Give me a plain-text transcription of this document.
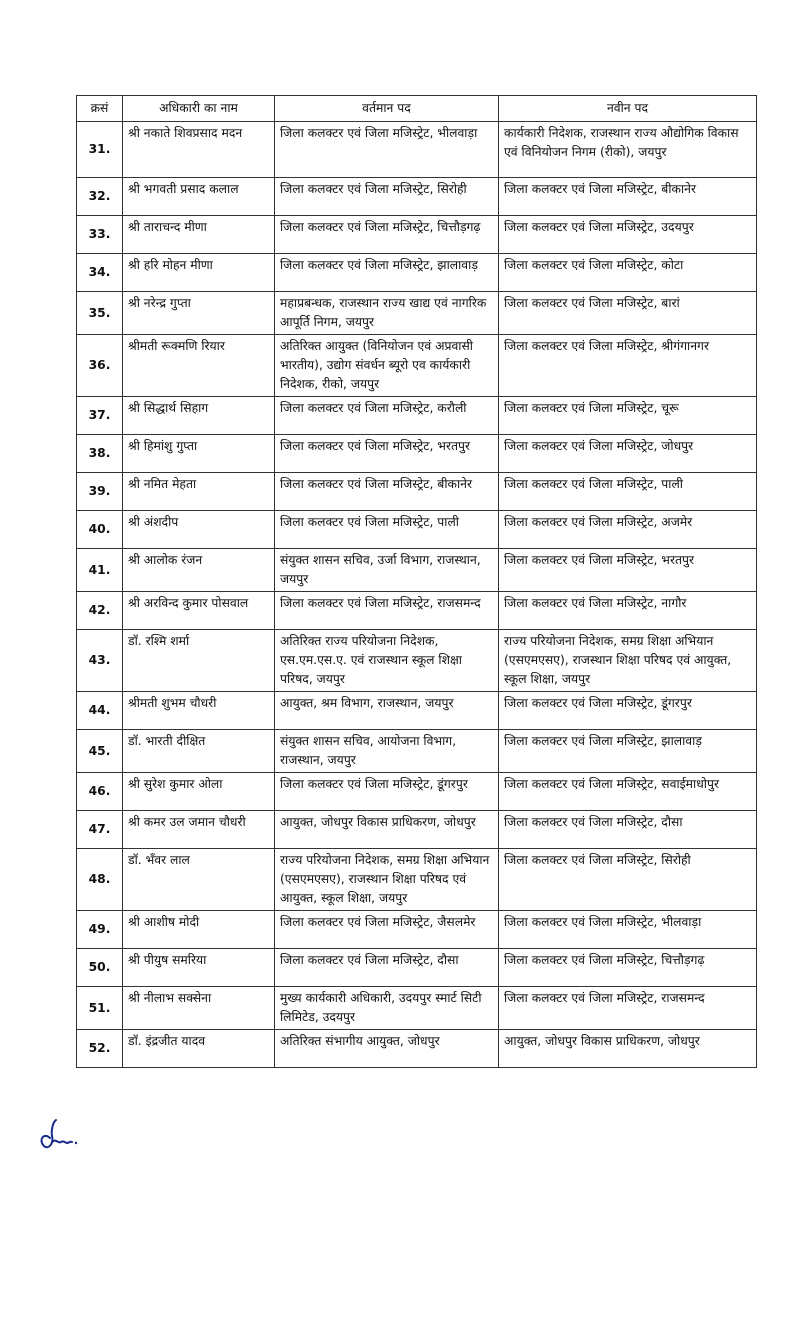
क्रसं	अधिकारी का नाम	वर्तमान पद	नवीन पद
31.	श्री नकाते शिवप्रसाद मदन	जिला कलक्टर एवं जिला मजिस्ट्रेट, भीलवाड़ा	कार्यकारी निदेशक, राजस्थान राज्य औद्योगिक विकास एवं विनियोजन निगम (रीको), जयपुर
32.	श्री भगवती प्रसाद कलाल	जिला कलक्टर एवं जिला मजिस्ट्रेट, सिरोही	जिला कलक्टर एवं जिला मजिस्ट्रेट, बीकानेर
33.	श्री ताराचन्द मीणा	जिला कलक्टर एवं जिला मजिस्ट्रेट, चित्तौड़गढ़	जिला कलक्टर एवं जिला मजिस्ट्रेट, उदयपुर
34.	श्री हरि मोहन मीणा	जिला कलक्टर एवं जिला मजिस्ट्रेट, झालावाड़	जिला कलक्टर एवं जिला मजिस्ट्रेट, कोटा
35.	श्री नरेन्द्र गुप्ता	महाप्रबन्धक, राजस्थान राज्य खाद्य एवं नागरिक आपूर्ति निगम, जयपुर	जिला कलक्टर एवं जिला मजिस्ट्रेट, बारां
36.	श्रीमती रूक्मणि रियार	अतिरिक्त आयुक्त (विनियोजन एवं अप्रवासी भारतीय), उद्योग संवर्धन ब्यूरो एव कार्यकारी निदेशक, रीको, जयपुर	जिला कलक्टर एवं जिला मजिस्ट्रेट, श्रीगंगानगर
37.	श्री सिद्धार्थ सिहाग	जिला कलक्टर एवं जिला मजिस्ट्रेट, करौली	जिला कलक्टर एवं जिला मजिस्ट्रेट, चूरू
38.	श्री हिमांशु गुप्ता	जिला कलक्टर एवं जिला मजिस्ट्रेट, भरतपुर	जिला कलक्टर एवं जिला मजिस्ट्रेट, जोधपुर
39.	श्री नमित मेहता	जिला कलक्टर एवं जिला मजिस्ट्रेट, बीकानेर	जिला कलक्टर एवं जिला मजिस्ट्रेट, पाली
40.	श्री अंशदीप	जिला कलक्टर एवं जिला मजिस्ट्रेट, पाली	जिला कलक्टर एवं जिला मजिस्ट्रेट, अजमेर
41.	श्री आलोक रंजन	संयुक्त शासन सचिव, उर्जा विभाग, राजस्थान, जयपुर	जिला कलक्टर एवं जिला मजिस्ट्रेट, भरतपुर
42.	श्री अरविन्द कुमार पोसवाल	जिला कलक्टर एवं जिला मजिस्ट्रेट, राजसमन्द	जिला कलक्टर एवं जिला मजिस्ट्रेट, नागौर
43.	डॉ. रश्मि शर्मा	अतिरिक्त राज्य परियोजना निदेशक, एस.एम.एस.ए. एवं राजस्थान स्कूल शिक्षा परिषद, जयपुर	राज्य परियोजना निदेशक, समग्र शिक्षा अभियान (एसएमएसए), राजस्थान शिक्षा परिषद एवं आयुक्त, स्कूल शिक्षा, जयपुर
44.	श्रीमती शुभम चौधरी	आयुक्त, श्रम विभाग, राजस्थान, जयपुर	जिला कलक्टर एवं जिला मजिस्ट्रेट, डूंगरपुर
45.	डॉ. भारती दीक्षित	संयुक्त शासन सचिव, आयोजना विभाग, राजस्थान, जयपुर	जिला कलक्टर एवं जिला मजिस्ट्रेट, झालावाड़
46.	श्री सुरेश कुमार ओला	जिला कलक्टर एवं जिला मजिस्ट्रेट, डूंगरपुर	जिला कलक्टर एवं जिला मजिस्ट्रेट, सवाईमाधोपुर
47.	श्री कमर उल जमान चौधरी	आयुक्त, जोधपुर विकास प्राधिकरण, जोधपुर	जिला कलक्टर एवं जिला मजिस्ट्रेट, दौसा
48.	डॉ. भँवर लाल	राज्य परियोजना निदेशक, समग्र शिक्षा अभियान (एसएमएसए), राजस्थान शिक्षा परिषद एवं आयुक्त, स्कूल शिक्षा, जयपुर	जिला कलक्टर एवं जिला मजिस्ट्रेट, सिरोही
49.	श्री आशीष मोदी	जिला कलक्टर एवं जिला मजिस्ट्रेट, जैसलमेर	जिला कलक्टर एवं जिला मजिस्ट्रेट, भीलवाड़ा
50.	श्री पीयुष समरिया	जिला कलक्टर एवं जिला मजिस्ट्रेट, दौसा	जिला कलक्टर एवं जिला मजिस्ट्रेट, चित्तौड़गढ़
51.	श्री नीलाभ सक्सेना	मुख्य कार्यकारी अधिकारी, उदयपुर स्मार्ट सिटी लिमिटेड, उदयपुर	जिला कलक्टर एवं जिला मजिस्ट्रेट, राजसमन्द
52.	डॉ. इंद्रजीत यादव	अतिरिक्त संभागीय आयुक्त, जोधपुर	आयुक्त, जोधपुर विकास प्राधिकरण, जोधपुर
